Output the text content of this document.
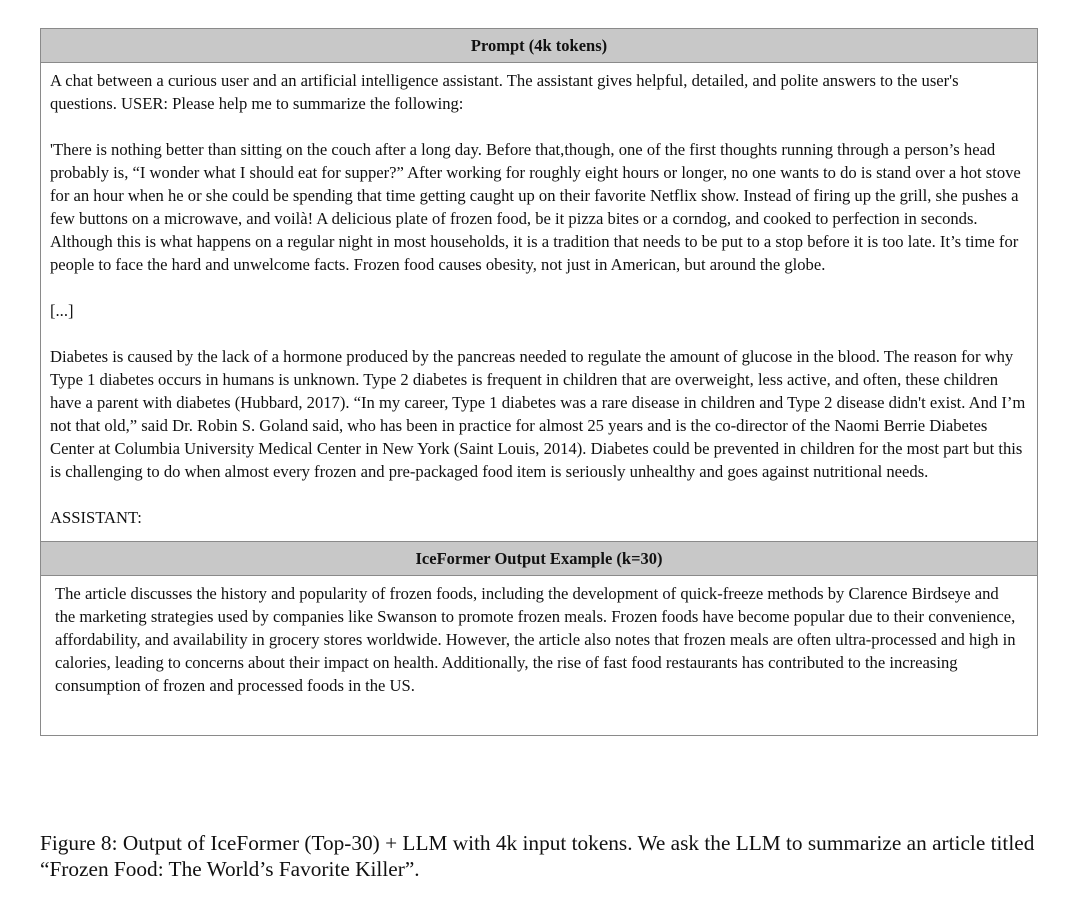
Prompt (4k tokens)

A chat between a curious user and an artificial intelligence assistant. The assistant gives helpful, detailed, and polite answers to the user's questions. USER: Please help me to summarize the following:

'There is nothing better than sitting on the couch after a long day. Before that,though, one of the first thoughts running through a person’s head probably is, “I wonder what I should eat for supper?” After working for roughly eight hours or longer, no one wants to do is stand over a hot stove for an hour when he or she could be spending that time getting caught up on their favorite Netflix show. Instead of firing up the grill, she pushes a few buttons on a microwave, and voilà! A delicious plate of frozen food, be it pizza bites or a corndog, and cooked to perfection in seconds. Although this is what happens on a regular night in most households, it is a tradition that needs to be put to a stop before it is too late. It’s time for people to face the hard and unwelcome facts. Frozen food causes obesity, not just in American, but around the globe.

[...]

Diabetes is caused by the lack of a hormone produced by the pancreas needed to regulate the amount of glucose in the blood. The reason for why Type 1 diabetes occurs in humans is unknown. Type 2 diabetes is frequent in children that are overweight, less active, and often, these children have a parent with diabetes (Hubbard, 2017). “In my career, Type 1 diabetes was a rare disease in children and Type 2 disease didn't exist. And I’m not that old,” said Dr. Robin S. Goland said, who has been in practice for almost 25 years and is the co-director of the Naomi Berrie Diabetes Center at Columbia University Medical Center in New York (Saint Louis, 2014). Diabetes could be prevented in children for the most part but this is challenging to do when almost every frozen and pre-packaged food item is seriously unhealthy and goes against nutritional needs.

ASSISTANT:

IceFormer Output Example (k=30)
The article discusses the history and popularity of frozen foods, including the development of quick-freeze methods by Clarence Birdseye and the marketing strategies used by companies like Swanson to promote frozen meals. Frozen foods have become popular due to their convenience, affordability, and availability in grocery stores worldwide. However, the article also notes that frozen meals are often ultra-processed and high in calories, leading to concerns about their impact on health. Additionally, the rise of fast food restaurants has contributed to the increasing consumption of frozen and processed foods in the US.
Figure 8: Output of IceFormer (Top-30) + LLM with 4k input tokens. We ask the LLM to summarize an article titled “Frozen Food: The World’s Favorite Killer”.
